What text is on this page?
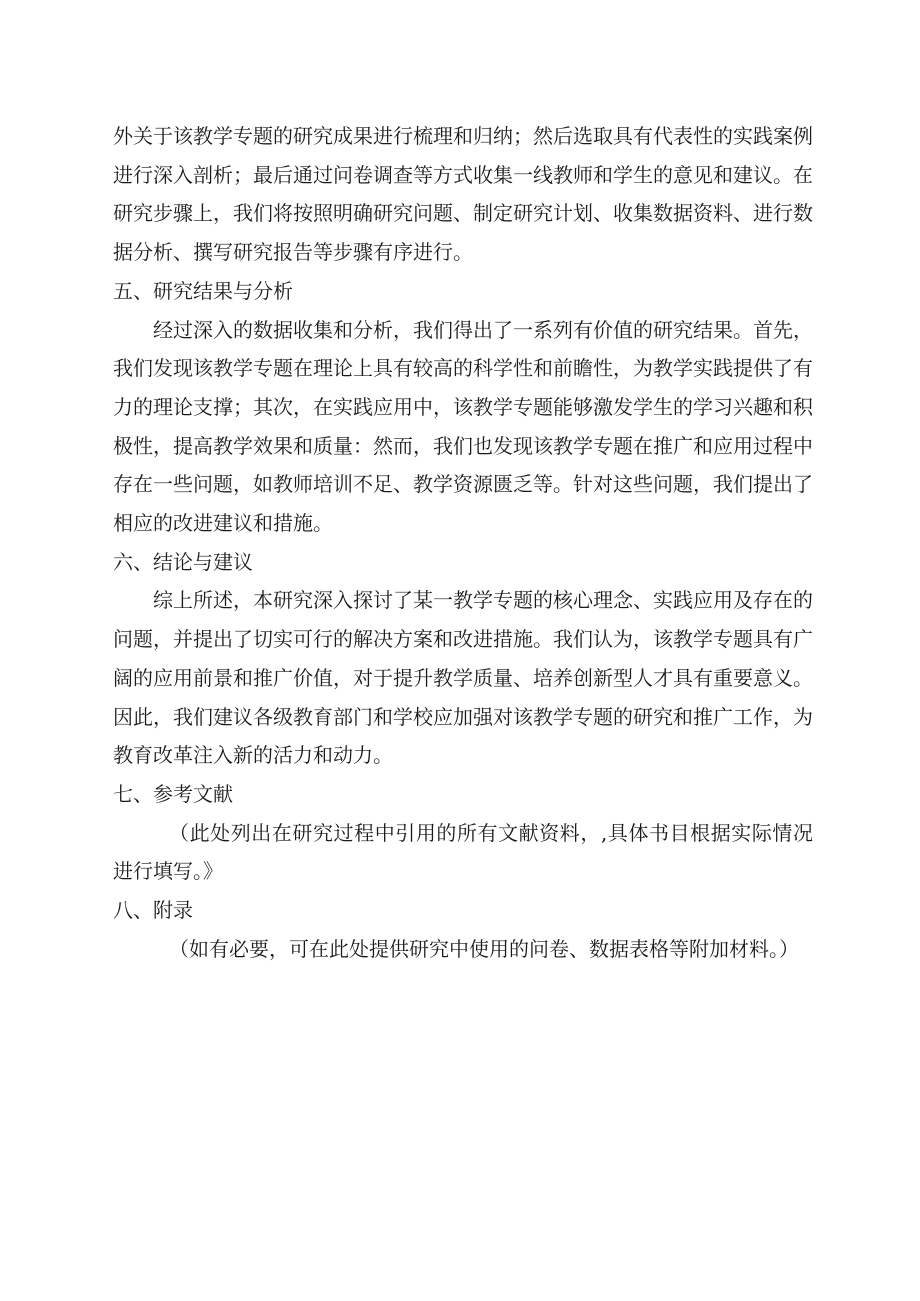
外关于该教学专题的研究成果进行梳理和归纳；然后选取具有代表性的实践案例进行深入剖析；最后通过问卷调查等方式收集一线教师和学生的意见和建议。在研究步骤上，我们将按照明确研究问题、制定研究计划、收集数据资料、进行数据分析、撰写研究报告等步骤有序进行。

五、研究结果与分析

经过深入的数据收集和分析，我们得出了一系列有价值的研究结果。首先，我们发现该教学专题在理论上具有较高的科学性和前瞻性，为教学实践提供了有力的理论支撑；其次，在实践应用中，该教学专题能够激发学生的学习兴趣和积极性，提高教学效果和质量：然而，我们也发现该教学专题在推广和应用过程中存在一些问题，如教师培训不足、教学资源匮乏等。针对这些问题，我们提出了相应的改进建议和措施。

六、结论与建议

综上所述，本研究深入探讨了某一教学专题的核心理念、实践应用及存在的问题，并提出了切实可行的解决方案和改进措施。我们认为，该教学专题具有广阔的应用前景和推广价值，对于提升教学质量、培养创新型人才具有重要意义。因此，我们建议各级教育部门和学校应加强对该教学专题的研究和推广工作，为教育改革注入新的活力和动力。

七、参考文献

（此处列出在研究过程中引用的所有文献资料，,具体书目根据实际情况进行填写。》

八、附录

（如有必要，可在此处提供研究中使用的问卷、数据表格等附加材料。）
